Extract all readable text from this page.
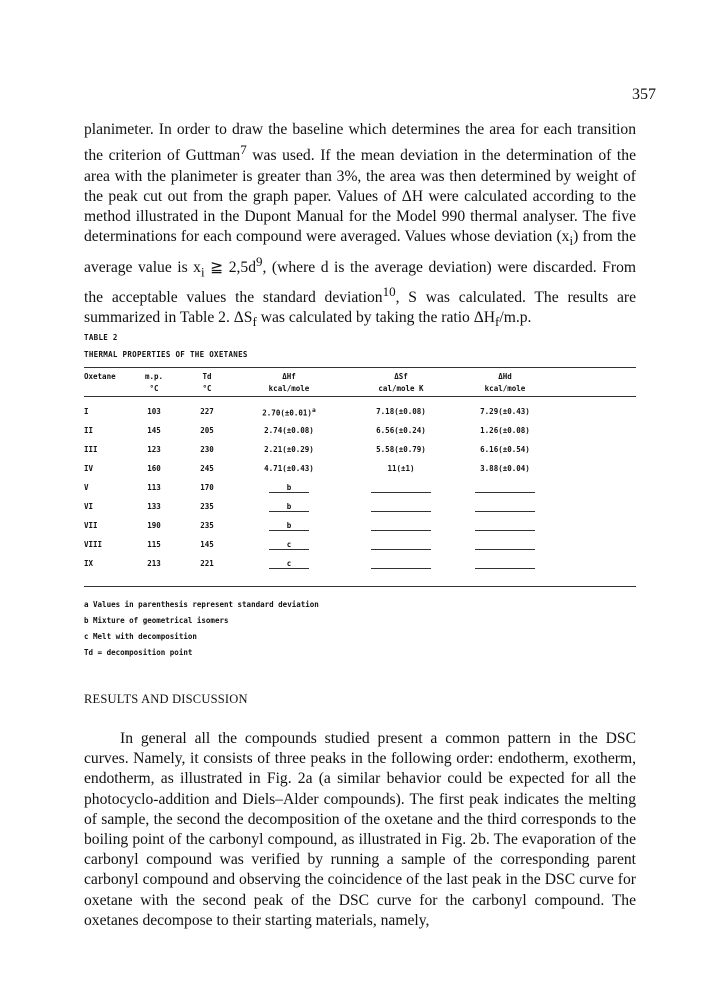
357
planimeter. In order to draw the baseline which determines the area for each transition the criterion of Guttman$^7$ was used. If the mean deviation in the determination of the area with the planimeter is greater than 3%, the area was then determined by weight of the peak cut out from the graph paper. Values of ΔH were calculated according to the method illustrated in the Dupont Manual for the Model 990 thermal analyser. The five determinations for each compound were averaged. Values whose deviation $(x_i)$ from the average value is $x_i$ ≧ $2,5d^9$, (where d is the average deviation) were discarded. From the acceptable values the standard deviation$^{10}$, S was calculated. The results are summarized in Table 2. $\Delta S_f$ was calculated by taking the ratio $\Delta H_f/m.p$.
TABLE 2
THERMAL PROPERTIES OF THE OXETANES
Oxetane	m.p.	Td	ΔHf	ΔSf	ΔHd
°C	°C	kcal/mole	cal/mole K	kcal/mole
I	103	227	$2.70(\pm 0.01)^a$	7.18(±0.08)	7.29(±0.43)
II	145	205	2.74(±0.08)	6.56(±0.24)	1.26(±0.08)
III	123	230	2.21(±0.29)	5.58(±0.79)	6.16(±0.54)
IV	160	245	4.71(±0.43)	11(±1)	3.88(±0.04)
V	113	170	b
VI	133	235	b
VII	190	235	b
VIII	115	145	c
IX	213	221	c
a Values in parenthesis represent standard deviation
b Mixture of geometrical isomers
c Melt with decomposition
Td = decomposition point
RESULTS AND DISCUSSION
In general all the compounds studied present a common pattern in the DSC curves. Namely, it consists of three peaks in the following order: endotherm, exotherm, endotherm, as illustrated in Fig. 2a (a similar behavior could be expected for all the photocyclo-addition and Diels–Alder compounds). The first peak indicates the melting of sample, the second the decomposition of the oxetane and the third corresponds to the boiling point of the carbonyl compound, as illustrated in Fig. 2b. The evaporation of the carbonyl compound was verified by running a sample of the corresponding parent carbonyl compound and observing the coincidence of the last peak in the DSC curve for oxetane with the second peak of the DSC curve for the carbonyl compound. The oxetanes decompose to their starting materials, namely,
